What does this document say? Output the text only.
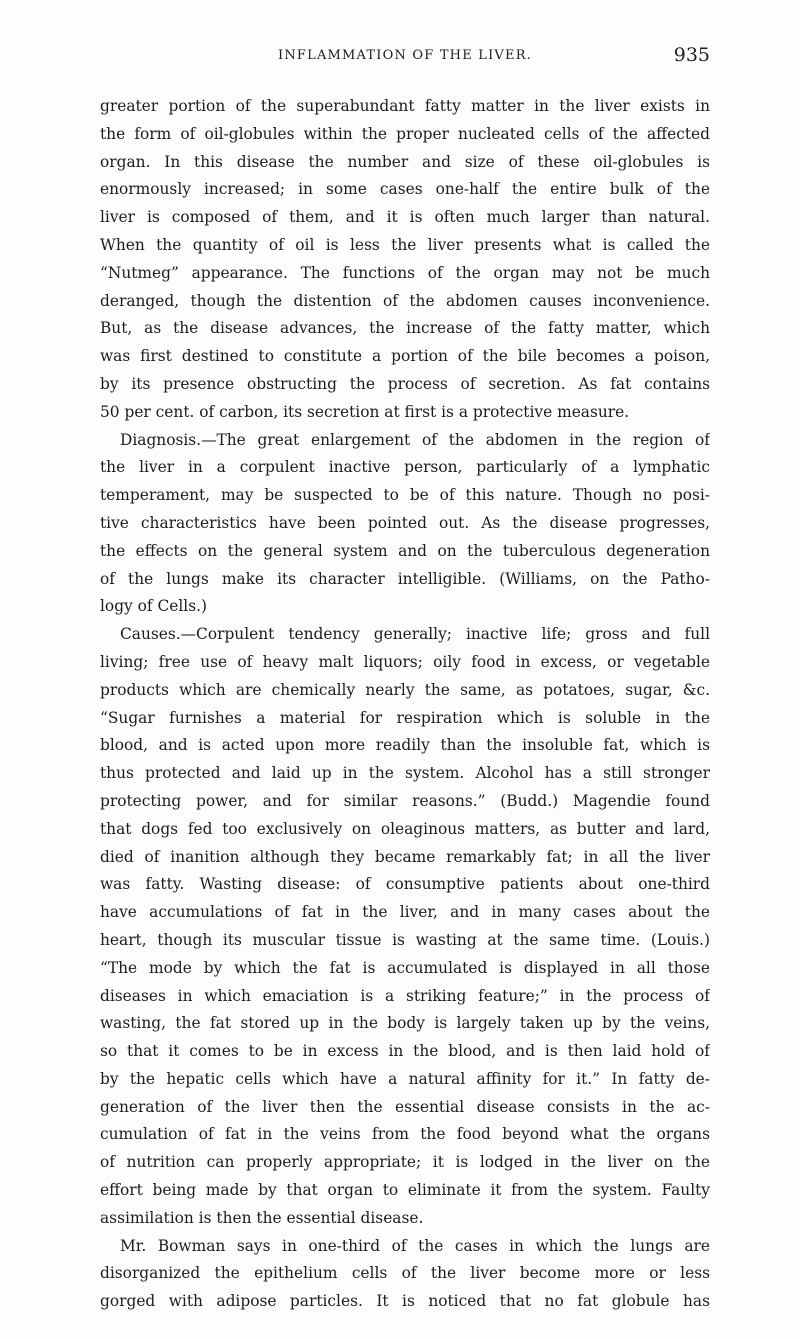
INFLAMMATION OF THE LIVER.	935
greater portion of the superabundant fatty matter in the liver exists in
the form of oil-globules within the proper nucleated cells of the affected
organ. In this disease the number and size of these oil-globules is
enormously increased; in some cases one-half the entire bulk of the
liver is composed of them, and it is often much larger than natural.
When the quantity of oil is less the liver presents what is called the
“Nutmeg” appearance. The functions of the organ may not be much
deranged, though the distention of the abdomen causes inconvenience.
But, as the disease advances, the increase of the fatty matter, which
was first destined to constitute a portion of the bile becomes a poison,
by its presence obstructing the process of secretion. As fat contains
50 per cent. of carbon, its secretion at first is a protective measure.
Diagnosis.—The great enlargement of the abdomen in the region of
the liver in a corpulent inactive person, particularly of a lymphatic
temperament, may be suspected to be of this nature. Though no posi-
tive characteristics have been pointed out. As the disease progresses,
the effects on the general system and on the tuberculous degeneration
of the lungs make its character intelligible. (Williams, on the Patho-
logy of Cells.)
Causes.—Corpulent tendency generally; inactive life; gross and full
living; free use of heavy malt liquors; oily food in excess, or vegetable
products which are chemically nearly the same, as potatoes, sugar, &c.
“Sugar furnishes a material for respiration which is soluble in the
blood, and is acted upon more readily than the insoluble fat, which is
thus protected and laid up in the system. Alcohol has a still stronger
protecting power, and for similar reasons.” (Budd.) Magendie found
that dogs fed too exclusively on oleaginous matters, as butter and lard,
died of inanition although they became remarkably fat; in all the liver
was fatty. Wasting disease: of consumptive patients about one-third
have accumulations of fat in the liver, and in many cases about the
heart, though its muscular tissue is wasting at the same time. (Louis.)
“The mode by which the fat is accumulated is displayed in all those
diseases in which emaciation is a striking feature;” in the process of
wasting, the fat stored up in the body is largely taken up by the veins,
so that it comes to be in excess in the blood, and is then laid hold of
by the hepatic cells which have a natural affinity for it.” In fatty de-
generation of the liver then the essential disease consists in the ac-
cumulation of fat in the veins from the food beyond what the organs
of nutrition can properly appropriate; it is lodged in the liver on the
effort being made by that organ to eliminate it from the system. Faulty
assimilation is then the essential disease.
Mr. Bowman says in one-third of the cases in which the lungs are
disorganized the epithelium cells of the liver become more or less
gorged with adipose particles. It is noticed that no fat globule has
